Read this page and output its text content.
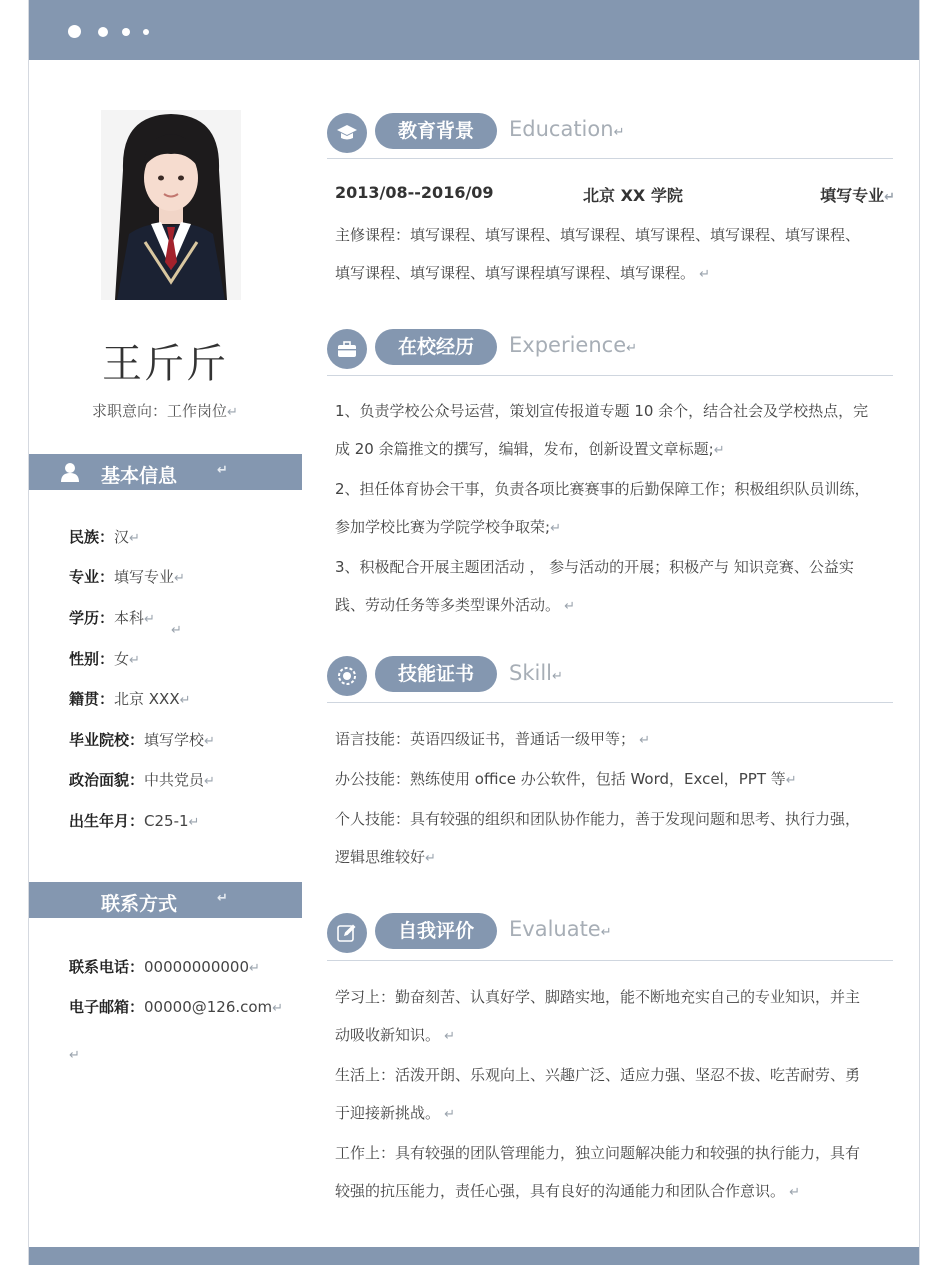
王斤斤
求职意向：工作岗位↵
基本信息	↵
民族：汉↵
专业：填写专业↵
学历：本科↵
↵
性别：女↵
籍贯：北京 XXX↵
毕业院校：填写学校↵
政治面貌：中共党员↵
出生年月：C25-1↵
联系方式	↵
联系电话：00000000000↵
电子邮箱：00000@126.com↵
↵
教育背景	Education↵
2013/08--2016/09	北京 XX 学院	填写专业↵

主修课程：填写课程、填写课程、填写课程、填写课程、填写课程、填写课程、

填写课程、填写课程、填写课程填写课程、填写课程。 ↵

在校经历	Experience↵

1、负责学校公众号运营，策划宣传报道专题 10 余个，结合社会及学校热点，完

成 20 余篇推文的撰写，编辑，发布，创新设置文章标题;↵

2、担任体育协会干事，负责各项比赛赛事的后勤保障工作；积极组织队员训练，

参加学校比赛为学院学校争取荣;↵

3、积极配合开展主题团活动 ， 参与活动的开展；积极产与 知识竞赛、公益实

践、劳动任务等多类型课外活动。 ↵

技能证书	Skill↵

语言技能：英语四级证书，普通话一级甲等； ↵

办公技能：熟练使用 office 办公软件，包括 Word，Excel，PPT 等↵

个人技能：具有较强的组织和团队协作能力，善于发现问题和思考、执行力强，

逻辑思维较好↵

自我评价	Evaluate↵

学习上：勤奋刻苦、认真好学、脚踏实地，能不断地充实自己的专业知识，并主

动吸收新知识。 ↵

生活上：活泼开朗、乐观向上、兴趣广泛、适应力强、坚忍不拔、吃苦耐劳、勇

于迎接新挑战。 ↵

工作上：具有较强的团队管理能力，独立问题解决能力和较强的执行能力，具有

较强的抗压能力，责任心强，具有良好的沟通能力和团队合作意识。 ↵
